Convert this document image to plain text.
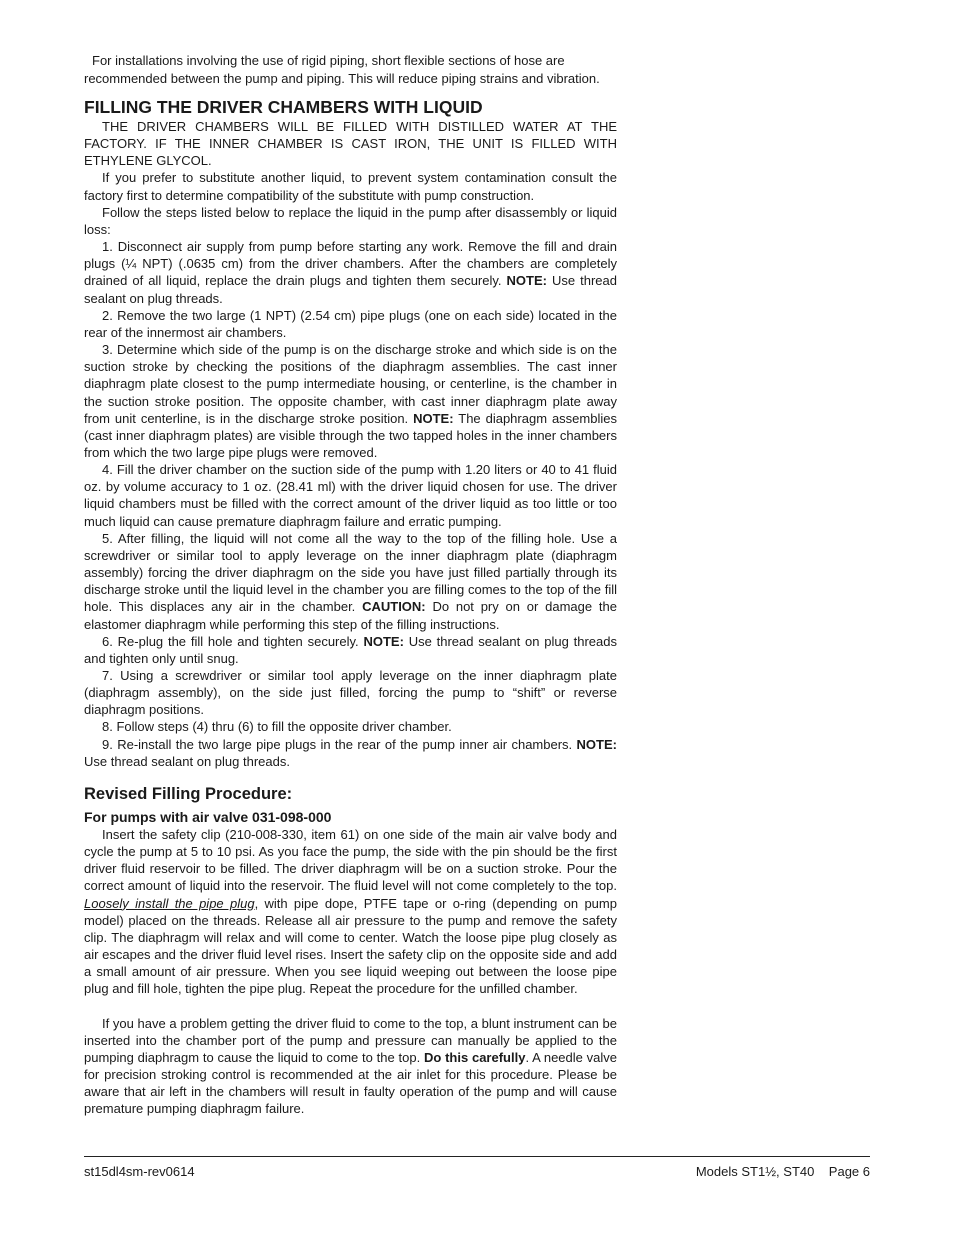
For installations involving the use of rigid piping, short flexible sections of hose are recommended between the pump and piping. This will reduce piping strains and vibration.

FILLING THE DRIVER CHAMBERS WITH LIQUID

THE DRIVER CHAMBERS WILL BE FILLED WITH DISTILLED WATER AT THE FACTORY. IF THE INNER CHAMBER IS CAST IRON, THE UNIT IS FILLED WITH ETHYLENE GLYCOL.

If you prefer to substitute another liquid, to prevent system contamination consult the factory first to determine compatibility of the substitute with pump construction.

Follow the steps listed below to replace the liquid in the pump after disassembly or liquid loss:

1. Disconnect air supply from pump before starting any work. Remove the fill and drain plugs (¼ NPT) (.0635 cm) from the driver chambers. After the chambers are completely drained of all liquid, replace the drain plugs and tighten them securely. NOTE: Use thread sealant on plug threads.

2. Remove the two large (1 NPT) (2.54 cm) pipe plugs (one on each side) located in the rear of the innermost air chambers.

3. Determine which side of the pump is on the discharge stroke and which side is on the suction stroke by checking the positions of the diaphragm assemblies. The cast inner diaphragm plate closest to the pump intermediate housing, or centerline, is the chamber in the suction stroke position. The opposite chamber, with cast inner diaphragm plate away from unit centerline, is in the discharge stroke position. NOTE: The diaphragm assemblies (cast inner diaphragm plates) are visible through the two tapped holes in the inner chambers from which the two large pipe plugs were removed.

4. Fill the driver chamber on the suction side of the pump with 1.20 liters or 40 to 41 fluid oz. by volume accuracy to 1 oz. (28.41 ml) with the driver liquid chosen for use. The driver liquid chambers must be filled with the correct amount of the driver liquid as too little or too much liquid can cause premature diaphragm failure and erratic pumping.

5. After filling, the liquid will not come all the way to the top of the filling hole. Use a screwdriver or similar tool to apply leverage on the inner diaphragm plate (diaphragm assembly) forcing the driver diaphragm on the side you have just filled partially through its discharge stroke until the liquid level in the chamber you are filling comes to the top of the fill hole. This displaces any air in the chamber. CAUTION: Do not pry on or damage the elastomer diaphragm while performing this step of the filling instructions.

6. Re-plug the fill hole and tighten securely. NOTE: Use thread sealant on plug threads and tighten only until snug.

7. Using a screwdriver or similar tool apply leverage on the inner diaphragm plate (diaphragm assembly), on the side just filled, forcing the pump to “shift” or reverse diaphragm positions.

8. Follow steps (4) thru (6) to fill the opposite driver chamber.

9. Re-install the two large pipe plugs in the rear of the pump inner air chambers. NOTE: Use thread sealant on plug threads.

Revised Filling Procedure:
For pumps with air valve 031-098-000

Insert the safety clip (210-008-330, item 61) on one side of the main air valve body and cycle the pump at 5 to 10 psi. As you face the pump, the side with the pin should be the first driver fluid reservoir to be filled. The driver diaphragm will be on a suction stroke. Pour the correct amount of liquid into the reservoir. The fluid level will not come completely to the top. Loosely install the pipe plug, with pipe dope, PTFE tape or o-ring (depending on pump model) placed on the threads. Release all air pressure to the pump and remove the safety clip. The diaphragm will relax and will come to center. Watch the loose pipe plug closely as air escapes and the driver fluid level rises. Insert the safety clip on the opposite side and add a small amount of air pressure. When you see liquid weeping out between the loose pipe plug and fill hole, tighten the pipe plug. Repeat the procedure for the unfilled chamber.

If you have a problem getting the driver fluid to come to the top, a blunt instrument can be inserted into the chamber port of the pump and pressure can manually be applied to the pumping diaphragm to cause the liquid to come to the top. Do this carefully. A needle valve for precision stroking control is recommended at the air inlet for this procedure. Please be aware that air left in the chambers will result in faulty operation of the pump and will cause premature pumping diaphragm failure.

st15dl4sm-rev0614	Models ST1½, ST40    Page 6
